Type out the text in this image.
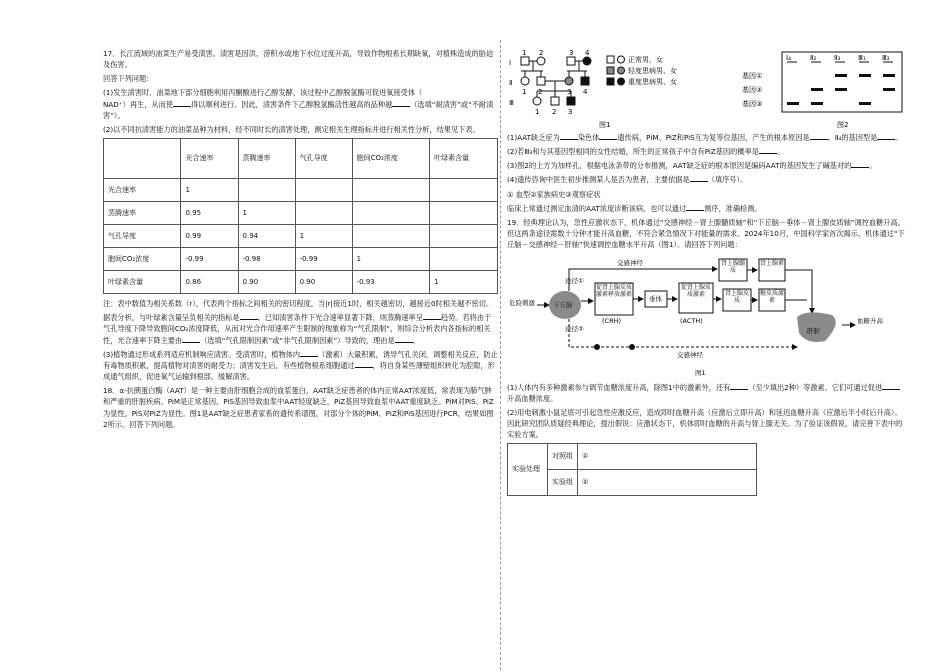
17．长江流域的油菜生产易受渍害。渍害是因洪、涝积水或地下水位过度升高，导致作物根系长期缺氧，对植株造成的胁迫及伤害。

回答下列问题：

(1)发生渍害时，油菜地下部分细胞利用丙酮酸进行乙醇发酵，该过程中乙醇脱氢酶可促进氧接受体（
NAD⁺）再生，从而使	得以顺利进行。因此，渍害条件下乙醇脱氢酶活性越高的品种越	（选填“耐渍害”或“不耐渍害”）。

(2)以不同抗渍害能力的油菜品种为材料，经不同时长的渍害处理，测定相关生理指标并进行相关性分析，结果见下表。

	光合速率	蒸腾速率	气孔导度	胞间CO₂浓度	叶绿素含量
光合速率	1				
蒸腾速率	0.95	1			
气孔导度	0.99	0.94	1		
胞间CO₂浓度	-0.99	-0.98	-0.99	1	
叶绿素含量	0.86	0.90	0.90	-0.93	1

注：表中数值为相关系数（r），代表两个指标之间相关的密切程度，当|r|接近1时，相关越密切，越接近0时相关越不密切。

据表分析，与叶绿素含量呈负相关的指标是	。已知渍害条件下光合速率显著下降，则蒸腾速率呈	趋势。若将由于气孔导度下降导致胞间CO₂浓度降低，从而对光合作用速率产生限制的现象称为“气孔限制”，则综合分析表内各指标的相关性，光合速率下降主要由	（选填“气孔限制因素”或“非气孔限制因素”）导致的，理由是	。

(3)植物通过形成系列适应机制响应渍害。受渍害时，植物体内	（激素）大量积累，诱导气孔关闭，调整相关反应，防止有毒物质积累，提高植物对渍害的耐受力；渍害发生后，有些植物根系细胞通过	，将自身某些薄壁组织转化为腔隙，形成通气组织，促进氧气运输到根部，缓解渍害。

18．α-抗胰蛋白酶（AAT）是一种主要由肝细胞合成的血浆蛋白，AAT缺乏症患者的体内正常AAT浓度低，常表现为肺气肿和严重的肝脏疾病。PiM是正常基因，PiS基因导致血浆中AAT轻度缺乏，PiZ基因导致血浆中AAT重度缺乏。PiM对PiS、PiZ为显性，PiS对PiZ为显性。图1是AAT缺乏症患者家系的遗传系谱图，对部分个体的PiM、PiZ和PiS基因进行PCR，结果如图2所示。回答下列问题。

Ⅰ
Ⅱ
Ⅲ
1 2	3 4
1 2	3 4
1 2 3
正常男、女
轻度患病男、女
重度患病男、女
图1
Ⅰ₄	Ⅱ₂	Ⅱ₃	Ⅲ₁ Ⅲ₂
基因①
基因②
基因③
图2

(1)AAT缺乏症为	染色体	遗传病，PiM、PiZ和PiS互为复等位基因，产生的根本原因是	。Ⅱ₄的基因型是	。

(2)若Ⅲ₃和与其基因型相同的女性结婚，所生的正常孩子中含有PiZ基因的概率是	。

(3)图2的上方为加样孔，根据电泳条带的分布推测，AAT缺乏症的根本原因是编码AAT的基因发生了碱基对的	。

(4)遗传咨询中医生初步推测某人是否为患者，主要依据是	（填序号）。

① 血型②家族病史③观察症状

临床上常通过测定血清的AAT浓度诊断该病，也可以通过	测序，准确检测。

19．经典理论认为，急性应激状态下，机体通过“交感神经－肾上腺髓质轴”和“下丘脑－垂体－肾上腺皮质轴”调控血糖升高。但这两条途径需数十分钟才能升高血糖，不符合紧急情况下对能量的需求。2024年10月，中国科学家首次揭示，机体通过“下丘脑－交感神经－肝轴”快速调控血糖水平升高（图1）。请回答下列问题：

危险刺激	下丘脑
途径①
途径②
交感神经
促肾上腺皮质激素释放激素
(CRH)
垂体
促肾上腺皮质激素
(ACTH)
肾上腺髓质
肾上腺皮质
肾上腺素
糖皮质激素
肝脏
血糖升高
交感神经
图1

(1)人体内有多种激素参与调节血糖浓度升高，除图1中的激素外，还有	（至少填出2种）等激素。它们可通过促进升高血糖浓度。

(2)用电刺激小鼠足底可引起急性应激反应，造成即时血糖升高（应激后立即升高）和延迟血糖升高（应激后半小时后升高）。因此研究团队质疑经典理论，提出假说：应激状态下，机体即时血糖的升高与肾上腺无关。为了验证该假说，请完善下表中的实验方案。

实验处理	对照组	①
	实验组	②
